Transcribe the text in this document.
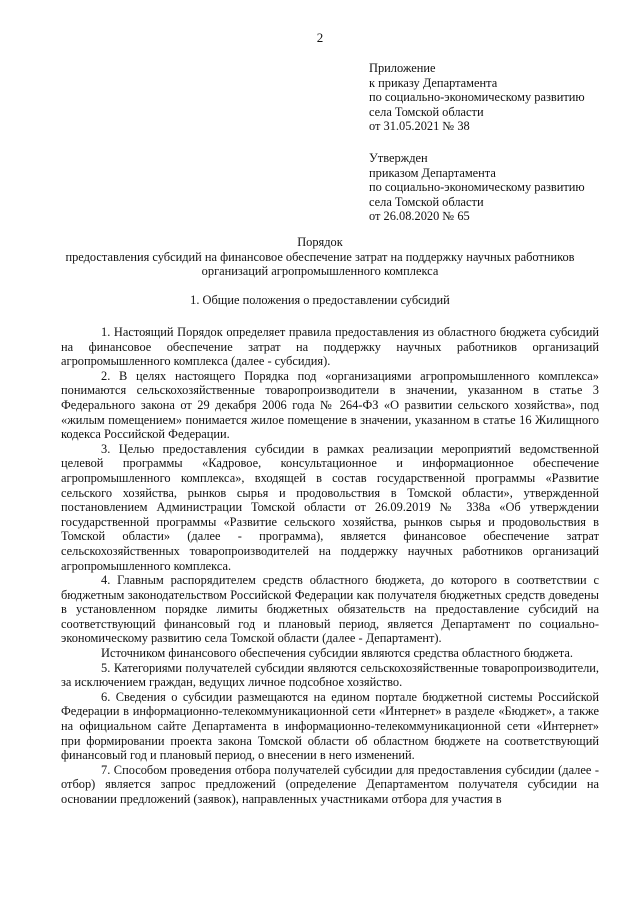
2
Приложение
к приказу Департамента
по социально-экономическому развитию
села Томской области
от 31.05.2021 № 38
Утвержден
приказом Департамента
по социально-экономическому развитию
села Томской области
от 26.08.2020 № 65
Порядок
предоставления субсидий на финансовое обеспечение затрат на поддержку научных работников
организаций агропромышленного комплекса
1. Общие положения о предоставлении субсидий

1. Настоящий Порядок определяет правила предоставления из областного бюджета субсидий на финансовое обеспечение затрат на поддержку научных работников организаций агропромышленного комплекса (далее - субсидия).

2. В целях настоящего Порядка под «организациями агропромышленного комплекса» понимаются сельскохозяйственные товаропроизводители в значении, указанном в статье 3 Федерального закона от 29 декабря 2006 года № 264-ФЗ «О развитии сельского хозяйства», под «жилым помещением» понимается жилое помещение в значении, указанном в статье 16 Жилищного кодекса Российской Федерации.

3. Целью предоставления субсидии в рамках реализации мероприятий ведомственной целевой программы «Кадровое, консультационное и информационное обеспечение агропромышленного комплекса», входящей в состав государственной программы «Развитие сельского хозяйства, рынков сырья и продовольствия в Томской области», утвержденной постановлением Администрации Томской области от 26.09.2019 № 338а «Об утверждении государственной программы «Развитие сельского хозяйства, рынков сырья и продовольствия в Томской области» (далее - программа), является финансовое обеспечение затрат сельскохозяйственных товаропроизводителей на поддержку научных работников организаций агропромышленного комплекса.

4. Главным распорядителем средств областного бюджета, до которого в соответствии с бюджетным законодательством Российской Федерации как получателя бюджетных средств доведены в установленном порядке лимиты бюджетных обязательств на предоставление субсидий на соответствующий финансовый год и плановый период, является Департамент по социально-экономическому развитию села Томской области (далее - Департамент).

Источником финансового обеспечения субсидии являются средства областного бюджета.

5. Категориями получателей субсидии являются сельскохозяйственные товаропроизводители, за исключением граждан, ведущих личное подсобное хозяйство.

6. Сведения о субсидии размещаются на едином портале бюджетной системы Российской Федерации в информационно-телекоммуникационной сети «Интернет» в разделе «Бюджет», а также на официальном сайте Департамента в информационно-телекоммуникационной сети «Интернет» при формировании проекта закона Томской области об областном бюджете на соответствующий финансовый год и плановый период, о внесении в него изменений.

7. Способом проведения отбора получателей субсидии для предоставления субсидии (далее - отбор) является запрос предложений (определение Департаментом получателя субсидии на основании предложений (заявок), направленных участниками отбора для участия в
